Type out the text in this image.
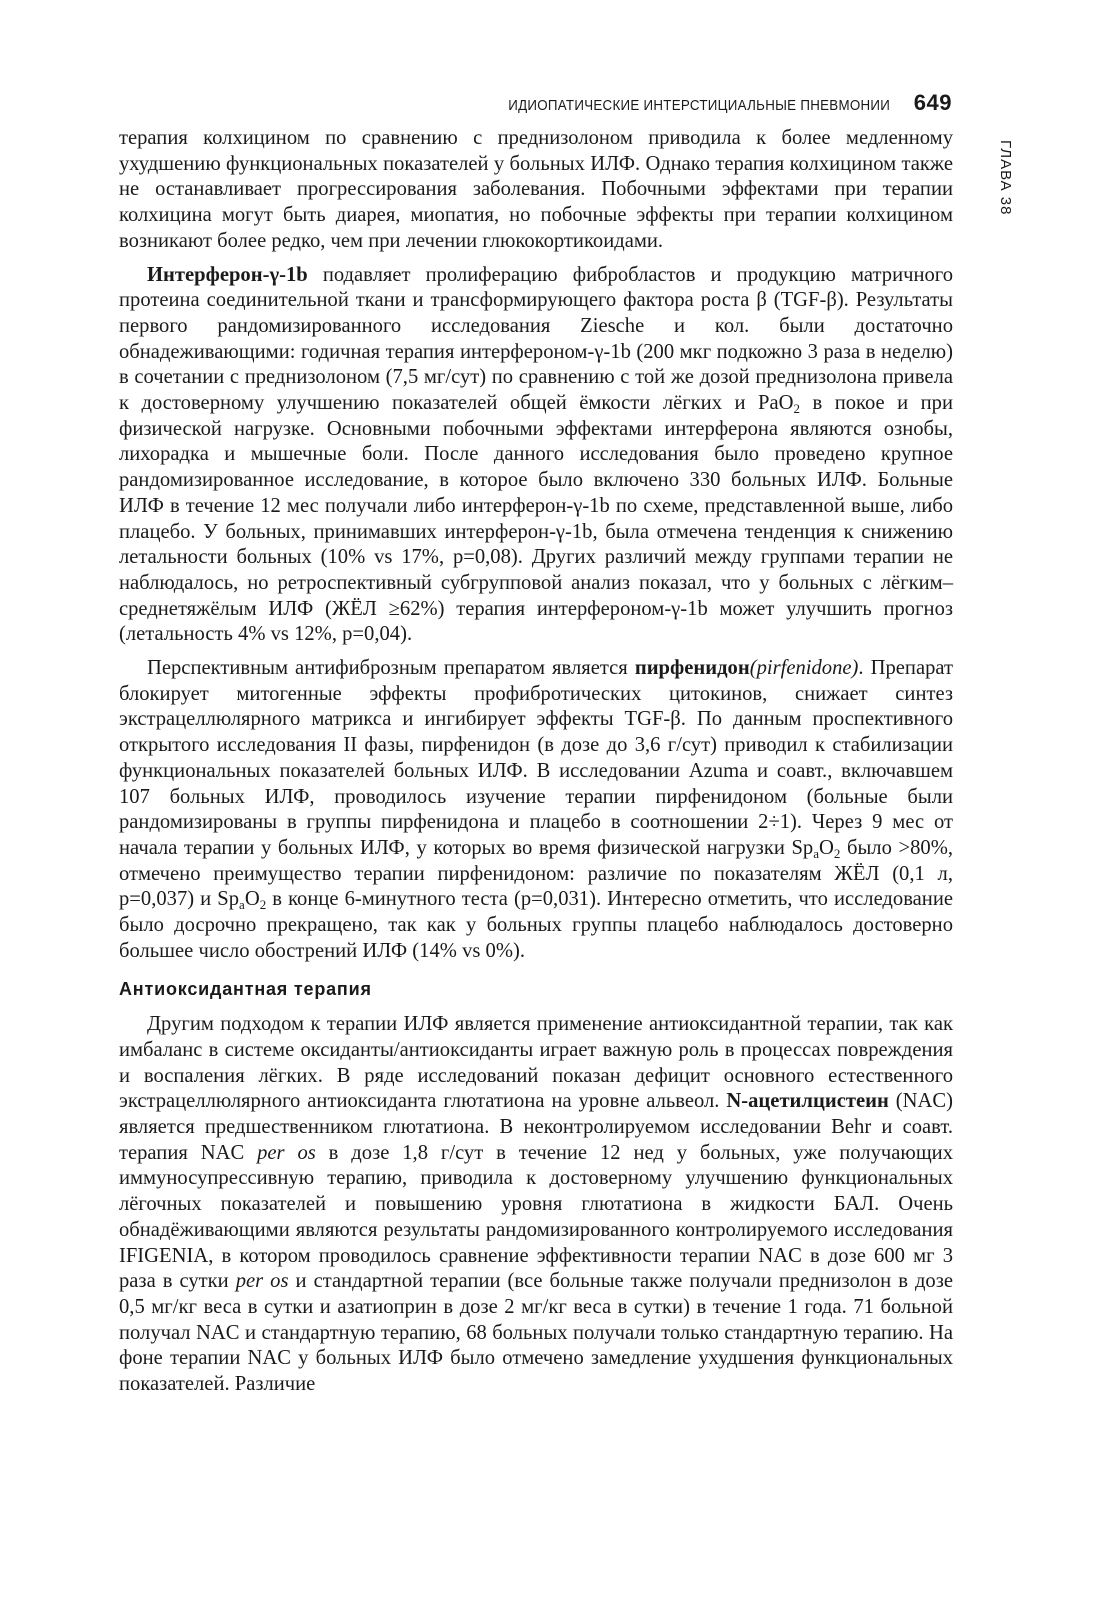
ИДИОПАТИЧЕСКИЕ ИНТЕРСТИЦИАЛЬНЫЕ ПНЕВМОНИИ 649
ГЛАВА 38

терапия колхицином по сравнению с преднизолоном приводила к более медленному ухудшению функциональных показателей у больных ИЛФ. Однако терапия колхицином также не останавливает прогрессирования заболевания. Побочными эффектами при терапии колхицина могут быть диарея, миопатия, но побочные эффекты при терапии колхицином возникают более редко, чем при лечении глюкокортикоидами.

Интерферон-γ-1b подавляет пролиферацию фибробластов и продукцию матричного протеина соединительной ткани и трансформирующего фактора роста β (TGF-β). Результаты первого рандомизированного исследования Ziesche и кол. были достаточно обнадеживающими: годичная терапия интерфероном-γ-1b (200 мкг подкожно 3 раза в неделю) в сочетании с преднизолоном (7,5 мг/сут) по сравнению с той же дозой преднизолона привела к достоверному улучшению показателей общей ёмкости лёгких и PaO$_2$ в покое и при физической нагрузке. Основными побочными эффектами интерферона являются ознобы, лихорадка и мышечные боли. После данного исследования было проведено крупное рандомизированное исследование, в которое было включено 330 больных ИЛФ. Больные ИЛФ в течение 12 мес получали либо интерферон-γ-1b по схеме, представленной выше, либо плацебо. У больных, принимавших интерферон-γ-1b, была отмечена тенденция к снижению летальности больных (10% vs 17%, p=0,08). Других различий между группами терапии не наблюдалось, но ретроспективный субгрупповой анализ показал, что у больных с лёгким–среднетяжёлым ИЛФ (ЖЁЛ ≥62%) терапия интерфероном-γ-1b может улучшить прогноз (летальность 4% vs 12%, p=0,04).

Перспективным антифиброзным препаратом является пирфенидон(pirfenidone). Препарат блокирует митогенные эффекты профибротических цитокинов, снижает синтез экстрацеллюлярного матрикса и ингибирует эффекты TGF-β. По данным проспективного открытого исследования II фазы, пирфенидон (в дозе до 3,6 г/сут) приводил к стабилизации функциональных показателей больных ИЛФ. В исследовании Azuma и соавт., включавшем 107 больных ИЛФ, проводилось изучение терапии пирфенидоном (больные были рандомизированы в группы пирфенидона и плацебо в соотношении 2÷1). Через 9 мес от начала терапии у больных ИЛФ, у которых во время физической нагрузки $Sp_aO_2$ было >80%, отмечено преимущество терапии пирфенидоном: различие по показателям ЖЁЛ (0,1 л, p=0,037) и $Sp_aO_2$ в конце 6-минутного теста (p=0,031). Интересно отметить, что исследование было досрочно прекращено, так как у больных группы плацебо наблюдалось достоверно большее число обострений ИЛФ (14% vs 0%).

Антиоксидантная терапия

Другим подходом к терапии ИЛФ является применение антиоксидантной терапии, так как имбаланс в системе оксиданты/антиоксиданты играет важную роль в процессах повреждения и воспаления лёгких. В ряде исследований показан дефицит основного естественного экстрацеллюлярного антиоксиданта глютатиона на уровне альвеол. N-ацетилцистеин (NAC) является предшественником глютатиона. В неконтролируемом исследовании Behr и соавт. терапия NAC per os в дозе 1,8 г/сут в течение 12 нед у больных, уже получающих иммуносупрессивную терапию, приводила к достоверному улучшению функциональных лёгочных показателей и повышению уровня глютатиона в жидкости БАЛ. Очень обнадёживающими являются результаты рандомизированного контролируемого исследования IFIGENIA, в котором проводилось сравнение эффективности терапии NAC в дозе 600 мг 3 раза в сутки per os и стандартной терапии (все больные также получали преднизолон в дозе 0,5 мг/кг веса в сутки и азатиоприн в дозе 2 мг/кг веса в сутки) в течение 1 года. 71 больной получал NAC и стандартную терапию, 68 больных получали только стандартную терапию. На фоне терапии NAC у больных ИЛФ было отмечено замедление ухудшения функциональных показателей. Различие
